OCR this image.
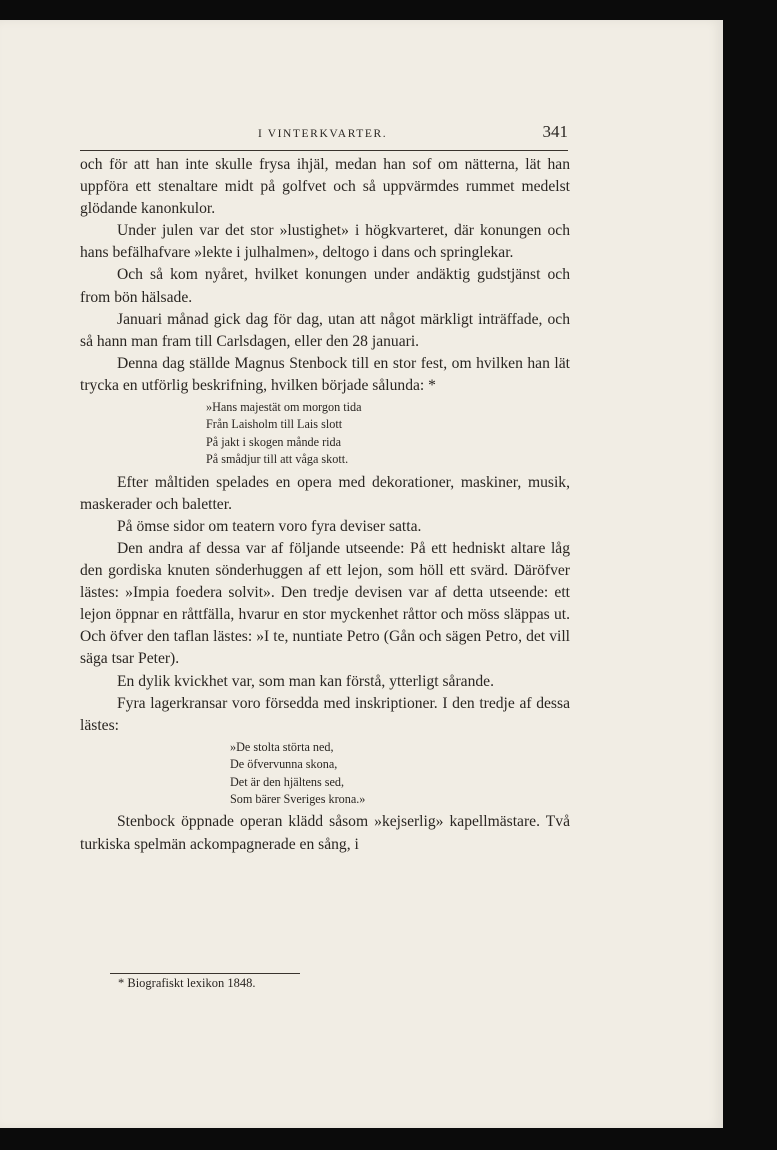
I VINTERKVARTER.	341

och för att han inte skulle frysa ihjäl, medan han sof om nätterna, lät han uppföra ett stenaltare midt på golfvet och så uppvärmdes rummet medelst glödande kanonkulor.

Under julen var det stor »lustighet» i högkvarteret, där konungen och hans befälhafvare »lekte i julhalmen», deltogo i dans och springlekar.

Och så kom nyåret, hvilket konungen under andäktig gudstjänst och from bön hälsade.

Januari månad gick dag för dag, utan att något märkligt inträffade, och så hann man fram till Carlsdagen, eller den 28 januari.

Denna dag ställde Magnus Stenbock till en stor fest, om hvilken han lät trycka en utförlig beskrifning, hvilken började sålunda: *

»Hans majestät om morgon tida
Från Laisholm till Lais slott
På jakt i skogen månde rida
På smådjur till att våga skott.

Efter måltiden spelades en opera med dekorationer, maskiner, musik, maskerader och baletter.

På ömse sidor om teatern voro fyra deviser satta.

Den andra af dessa var af följande utseende: På ett hedniskt altare låg den gordiska knuten sönderhuggen af ett lejon, som höll ett svärd. Däröfver lästes: »Impia foedera solvit». Den tredje devisen var af detta utseende: ett lejon öppnar en råttfälla, hvarur en stor myckenhet råttor och möss släppas ut. Och öfver den taflan lästes: »I te, nuntiate Petro (Gån och sägen Petro, det vill säga tsar Peter).

En dylik kvickhet var, som man kan förstå, ytterligt sårande.

Fyra lagerkransar voro försedda med inskriptioner. I den tredje af dessa lästes:

»De stolta störta ned,
De öfvervunna skona,
Det är den hjältens sed,
Som bärer Sveriges krona.»

Stenbock öppnade operan klädd såsom »kejserlig» kapellmästare. Två turkiska spelmän ackompagnerade en sång, i

* Biografiskt lexikon 1848.
